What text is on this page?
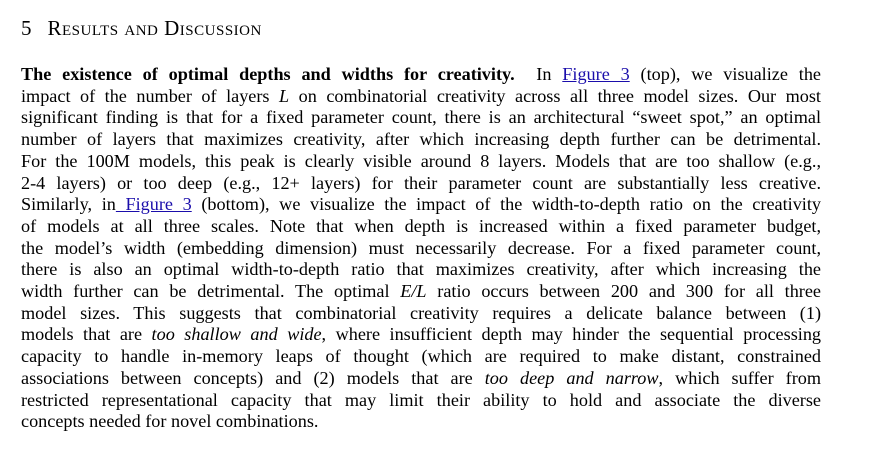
5 Results and Discussion
The existence of optimal depths and widths for creativity.  In Figure 3 (top), we visualize the
impact of the number of layers L on combinatorial creativity across all three model sizes. Our most
significant finding is that for a fixed parameter count, there is an architectural “sweet spot,” an optimal
number of layers that maximizes creativity, after which increasing depth further can be detrimental.
For the 100M models, this peak is clearly visible around 8 layers. Models that are too shallow (e.g.,
2-4 layers) or too deep (e.g., 12+ layers) for their parameter count are substantially less creative.
Similarly, in Figure 3 (bottom), we visualize the impact of the width-to-depth ratio on the creativity
of models at all three scales. Note that when depth is increased within a fixed parameter budget,
the model’s width (embedding dimension) must necessarily decrease. For a fixed parameter count,
there is also an optimal width-to-depth ratio that maximizes creativity, after which increasing the
width further can be detrimental. The optimal E/L ratio occurs between 200 and 300 for all three
model sizes. This suggests that combinatorial creativity requires a delicate balance between (1)
models that are too shallow and wide, where insufficient depth may hinder the sequential processing
capacity to handle in-memory leaps of thought (which are required to make distant, constrained
associations between concepts) and (2) models that are too deep and narrow, which suffer from
restricted representational capacity that may limit their ability to hold and associate the diverse
concepts needed for novel combinations.
